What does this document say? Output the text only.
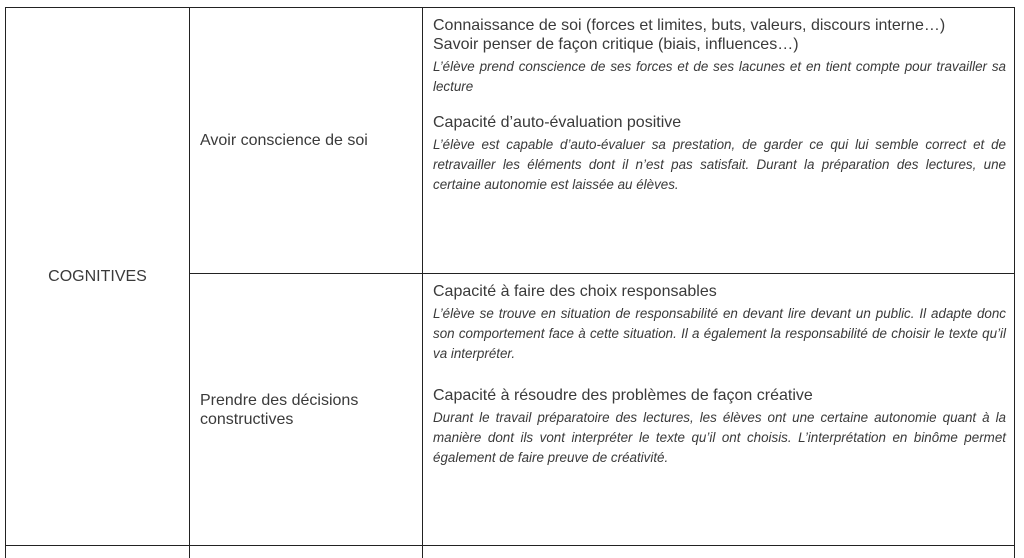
COGNITIVES	Avoir conscience de soi	Connaissance de soi (forces et limites, buts, valeurs, discours interne…)
Savoir penser de façon critique (biais, influences…)
L’élève prend conscience de ses forces et de ses lacunes et en tient compte pour travailler sa lecture
Capacité d’auto-évaluation positive
L’élève est capable d’auto-évaluer sa prestation, de garder ce qui lui semble correct et de retravailler les éléments dont il n’est pas satisfait. Durant la préparation des lectures, une certaine autonomie est laissée au élèves.

	Prendre des décisions constructives	Capacité à faire des choix responsables
L’élève se trouve en situation de responsabilité en devant lire devant un public. Il adapte donc son comportement face à cette situation. Il a également la responsabilité de choisir le texte qu’il va interpréter.
Capacité à résoudre des problèmes de façon créative
Durant le travail préparatoire des lectures, les élèves ont une certaine autonomie quant à la manière dont ils vont interpréter le texte qu’il ont choisis. L’interprétation en binôme permet également de faire preuve de créativité.
